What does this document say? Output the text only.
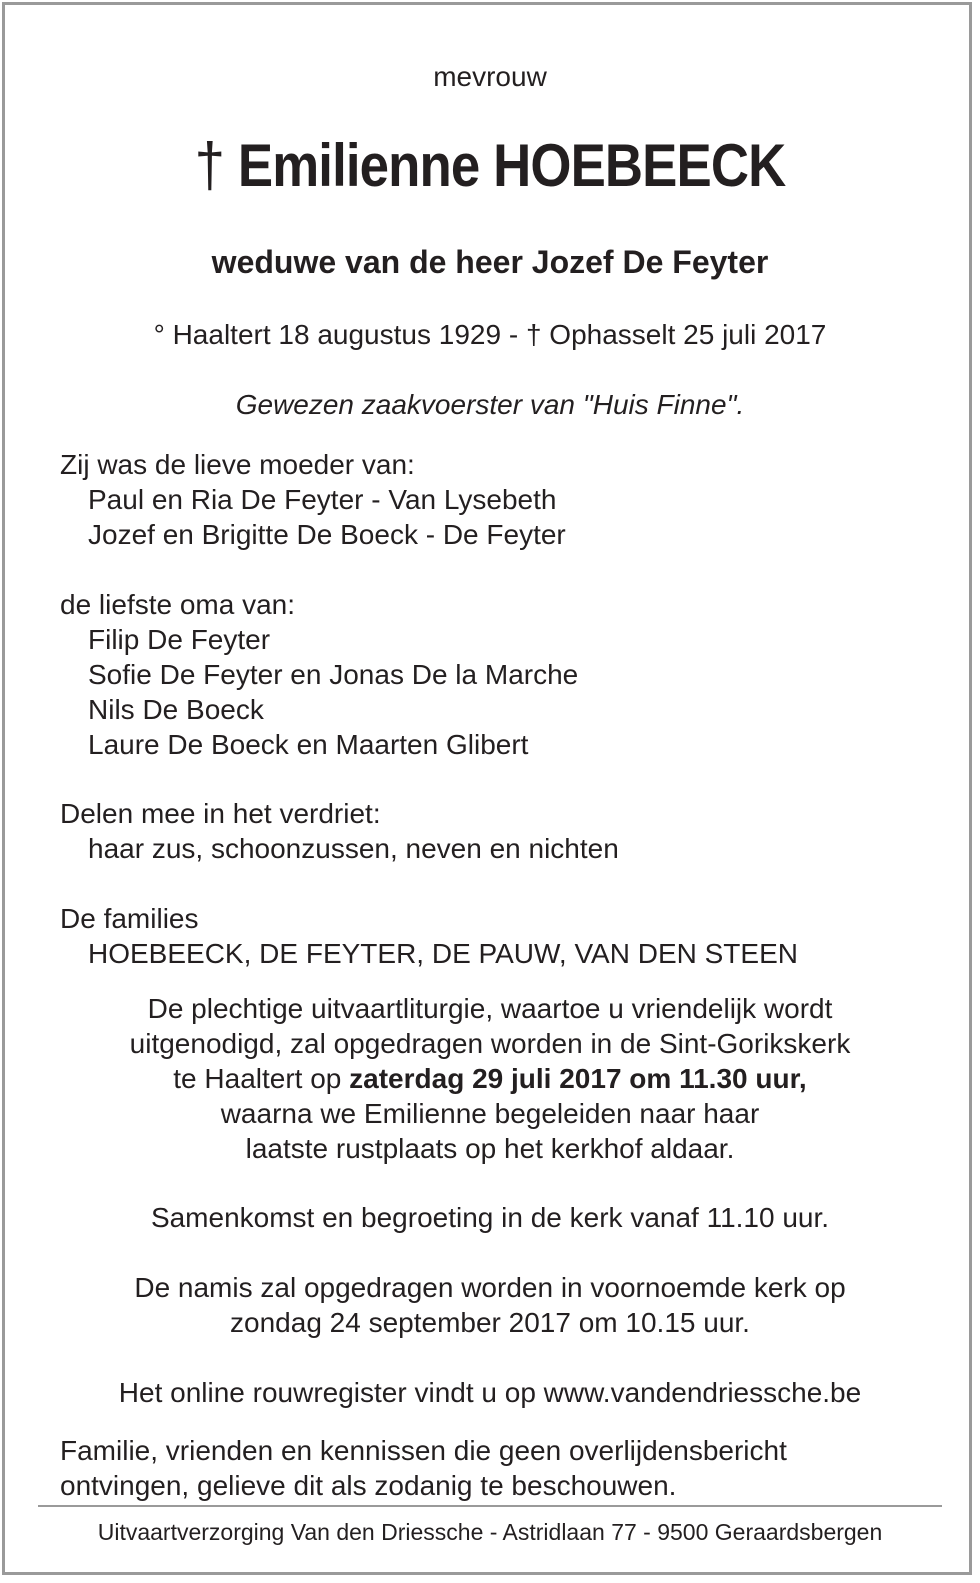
mevrouw
† Emilienne HOEBEECK
weduwe van de heer Jozef De Feyter
° Haaltert 18 augustus 1929 - † Ophasselt 25 juli 2017
Gewezen zaakvoerster van "Huis Finne".
Zij was de lieve moeder van:
Paul en Ria De Feyter - Van Lysebeth
Jozef en Brigitte De Boeck - De Feyter
de liefste oma van:
Filip De Feyter
Sofie De Feyter en Jonas De la Marche
Nils De Boeck
Laure De Boeck en Maarten Glibert
Delen mee in het verdriet:
haar zus, schoonzussen, neven en nichten
De families
HOEBEECK, DE FEYTER, DE PAUW, VAN DEN STEEN
De plechtige uitvaartliturgie, waartoe u vriendelijk wordt
uitgenodigd, zal opgedragen worden in de Sint-Gorikskerk
te Haaltert op zaterdag 29 juli 2017 om 11.30 uur,
waarna we Emilienne begeleiden naar haar
laatste rustplaats op het kerkhof aldaar.
Samenkomst en begroeting in de kerk vanaf 11.10 uur.
De namis zal opgedragen worden in voornoemde kerk op
zondag 24 september 2017 om 10.15 uur.
Het online rouwregister vindt u op www.vandendriessche.be
Familie, vrienden en kennissen die geen overlijdensbericht
ontvingen, gelieve dit als zodanig te beschouwen.
Uitvaartverzorging Van den Driessche - Astridlaan 77 - 9500 Geraardsbergen
